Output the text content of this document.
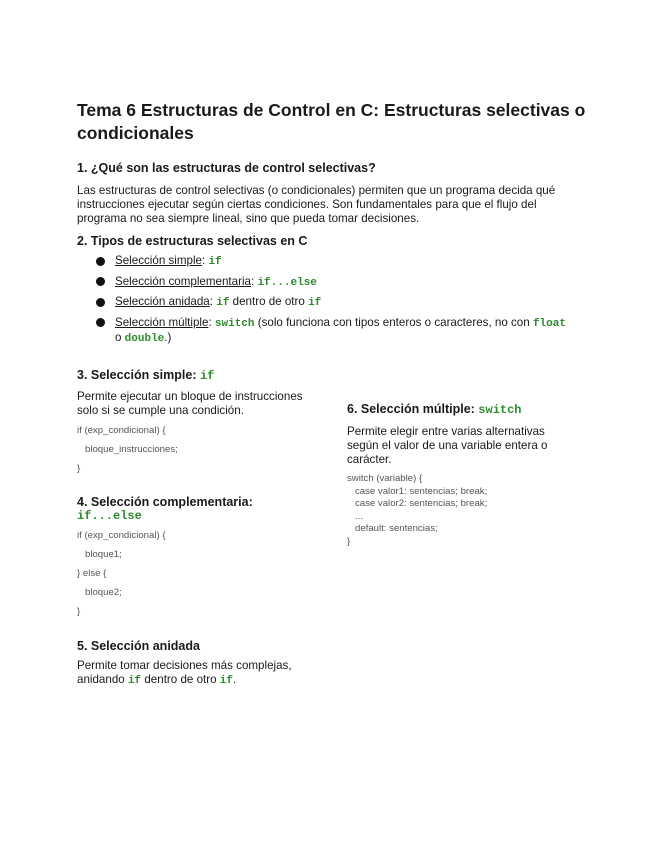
Tema 6 Estructuras de Control en C: Estructuras selectivas o condicionales
1. ¿Qué son las estructuras de control selectivas?

Las estructuras de control selectivas (o condicionales) permiten que un programa decida qué instrucciones ejecutar según ciertas condiciones. Son fundamentales para que el flujo del programa no sea siempre lineal, sino que pueda tomar decisiones.

2. Tipos de estructuras selectivas en C
Selección simple: if
Selección complementaria: if...else
Selección anidada: if dentro de otro if
Selección múltiple: switch (solo funciona con tipos enteros o caracteres, no con float o double.)
3. Selección simple: if

Permite ejecutar un bloque de instrucciones solo si se cumple una condición.

if (exp_condicional) {
bloque_instrucciones;
}
4. Selección complementaria:
if...else
if (exp_condicional) {
bloque1;
} else {
bloque2;
}
5. Selección anidada

Permite tomar decisiones más complejas, anidando if dentro de otro if.

6. Selección múltiple: switch

Permite elegir entre varias alternativas según el valor de una variable entera o carácter.

switch (variable) {
case valor1: sentencias; break;
case valor2: sentencias; break;
...
default: sentencias;
}
